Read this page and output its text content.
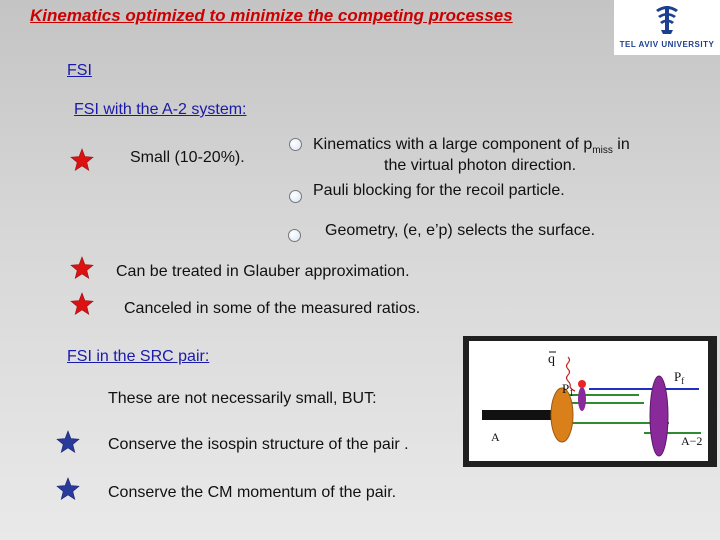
Kinematics optimized to minimize the competing processes
TEL AVIV UNIVERSITY
FSI
FSI with the A-2 system:
Small (10-20%).
Kinematics with a large component of $p_{miss}$ in
the virtual photon direction.
Pauli blocking for the recoil particle.
Geometry, (e, e’p) selects the surface.
Can be treated in Glauber approximation.
Canceled in some of the measured ratios.
FSI in the SRC pair:
These are not necessarily small, BUT:
Conserve the isospin structure of the pair .
Conserve the CM momentum of the pair.
q
$P_1$
$P_f$
A	A−2
